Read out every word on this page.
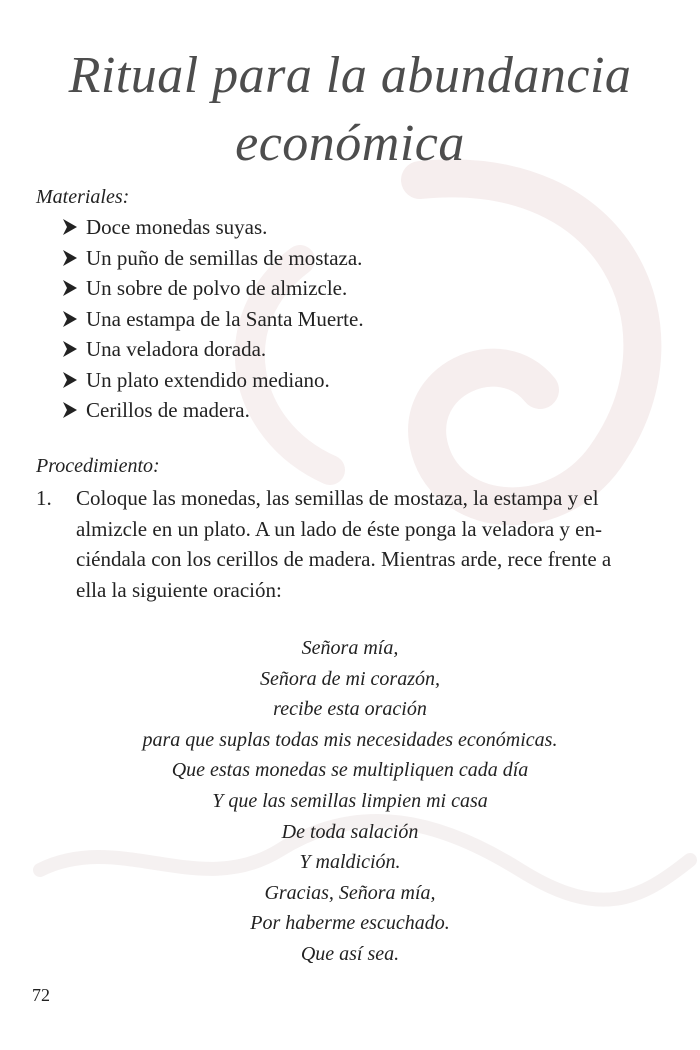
Ritual para la abundancia
económica
Materiales:
Doce monedas suyas.
Un puño de semillas de mostaza.
Un sobre de polvo de almizcle.
Una estampa de la Santa Muerte.
Una veladora dorada.
Un plato extendido mediano.
Cerillos de madera.
Procedimiento:
1. Coloque las monedas, las semillas de mostaza, la estampa y el
almizcle en un plato. A un lado de éste ponga la veladora y en-
ciéndala con los cerillos de madera. Mientras arde, rece frente a
ella la siguiente oración:
Señora mía,
Señora de mi corazón,
recibe esta oración
para que suplas todas mis necesidades económicas.
Que estas monedas se multipliquen cada día
Y que las semillas limpien mi casa
De toda salación
Y maldición.
Gracias, Señora mía,
Por haberme escuchado.
Que así sea.
72
